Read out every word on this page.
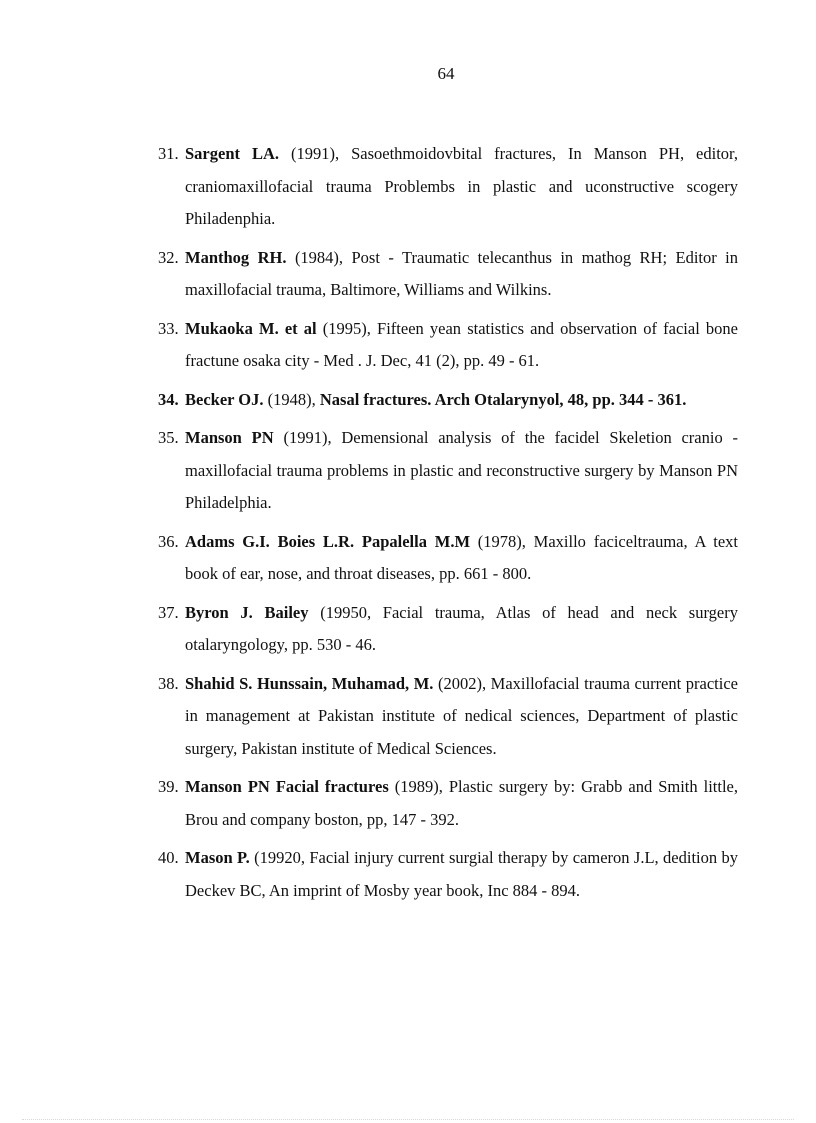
64
31. Sargent LA. (1991), Sasoethmoidovbital fractures, In Manson PH, editor, craniomaxillofacial trauma Problembs in plastic and uconstructive scogery Philadenphia.
32. Manthog RH. (1984), Post - Traumatic telecanthus in mathog RH; Editor in maxillofacial trauma, Baltimore, Williams and Wilkins.
33. Mukaoka M. et al (1995), Fifteen yean statistics and observation of facial bone fractune osaka city - Med . J. Dec, 41 (2), pp. 49 - 61.
34. Becker OJ. (1948), Nasal fractures. Arch Otalarynyol, 48, pp. 344 - 361.
35. Manson PN (1991), Demensional analysis of the facidel Skeletion cranio - maxillofacial trauma problems in plastic and reconstructive surgery by Manson PN Philadelphia.
36. Adams G.I. Boies L.R. Papalella M.M (1978), Maxillo faciceltrauma, A text book of ear, nose, and throat diseases, pp. 661 - 800.
37. Byron J. Bailey (19950, Facial trauma, Atlas of head and neck surgery otalaryngology, pp. 530 - 46.
38. Shahid S. Hunssain, Muhamad, M. (2002), Maxillofacial trauma current practice in management at Pakistan institute of nedical sciences, Department of plastic surgery, Pakistan institute of Medical Sciences.
39. Manson PN Facial fractures (1989), Plastic surgery by: Grabb and Smith little, Brou and company boston, pp, 147 - 392.
40. Mason P. (19920, Facial injury current surgial therapy by cameron J.L, dedition by Deckev BC, An imprint of Mosby year book, Inc 884 - 894.
